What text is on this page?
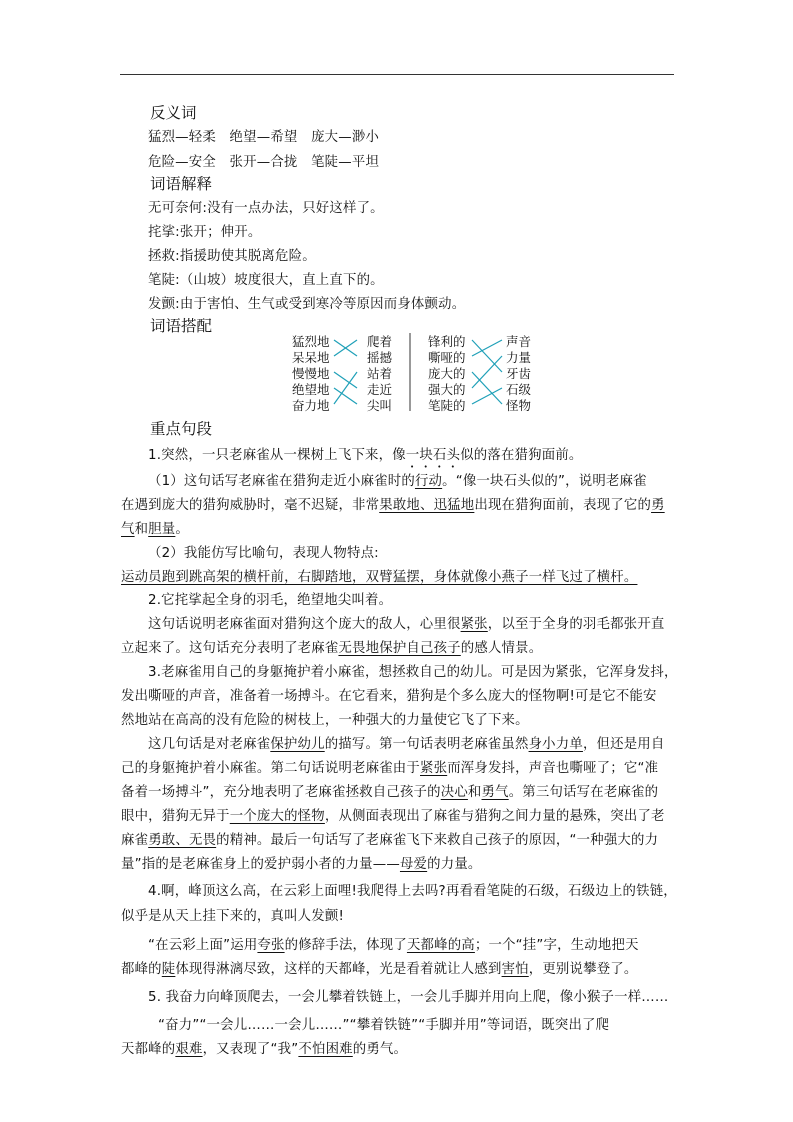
反义词
猛烈—轻柔　绝望—希望　庞大—渺小
危险—安全　张开—合拢　笔陡—平坦
词语解释
无可奈何:没有一点办法，只好这样了。
挓挲:张开；伸开。
拯救:指援助使其脱离危险。
笔陡:（山坡）坡度很大，直上直下的。
发颤:由于害怕、生气或受到寒冷等原因而身体颤动。
词语搭配
猛烈地
呆呆地
慢慢地
绝望地
奋力地
爬着
摇撼
站着
走近
尖叫
锋利的
嘶哑的
庞大的
强大的
笔陡的
声音
力量
牙齿
石级
怪物
重点句段
1.突然，一只老麻雀从一棵树上飞下来，像一块石头似的落在猎狗面前。
（1）这句话写老麻雀在猎狗走近小麻雀时的行动。“像一块石头似的”，说明老麻雀
在遇到庞大的猎狗威胁时，毫不迟疑，非常果敢地、迅猛地出现在猎狗面前，表现了它的勇
气和胆量。
（2）我能仿写比喻句，表现人物特点:
运动员跑到跳高架的横杆前，右脚踏地，双臂猛摆，身体就像小燕子一样飞过了横杆。
2.它挓挲起全身的羽毛，绝望地尖叫着。
这句话说明老麻雀面对猎狗这个庞大的敌人，心里很紧张，以至于全身的羽毛都张开直
立起来了。这句话充分表明了老麻雀无畏地保护自己孩子的感人情景。
3.老麻雀用自己的身躯掩护着小麻雀，想拯救自己的幼儿。可是因为紧张，它浑身发抖，
发出嘶哑的声音，准备着一场搏斗。在它看来，猎狗是个多么庞大的怪物啊!可是它不能安
然地站在高高的没有危险的树枝上，一种强大的力量使它飞了下来。
这几句话是对老麻雀保护幼儿的描写。第一句话表明老麻雀虽然身小力单，但还是用自
己的身躯掩护着小麻雀。第二句话说明老麻雀由于紧张而浑身发抖，声音也嘶哑了；它“准
备着一场搏斗”，充分地表明了老麻雀拯救自己孩子的决心和勇气。第三句话写在老麻雀的
眼中，猎狗无异于一个庞大的怪物，从侧面表现出了麻雀与猎狗之间力量的悬殊，突出了老
麻雀勇敢、无畏的精神。最后一句话写了老麻雀飞下来救自己孩子的原因，“一种强大的力
量”指的是老麻雀身上的爱护弱小者的力量——母爱的力量。
4.啊，峰顶这么高，在云彩上面哩!我爬得上去吗?再看看笔陡的石级，石级边上的铁链，
似乎是从天上挂下来的，真叫人发颤!
“在云彩上面”运用夸张的修辞手法，体现了天都峰的高；一个“挂”字，生动地把天
都峰的陡体现得淋漓尽致，这样的天都峰，光是看着就让人感到害怕，更别说攀登了。
5. 我奋力向峰顶爬去，一会儿攀着铁链上，一会儿手脚并用向上爬，像小猴子一样……
“奋力”“一会儿……一会儿……”“攀着铁链”“手脚并用”等词语，既突出了爬
天都峰的艰难，又表现了“我”不怕困难的勇气。
